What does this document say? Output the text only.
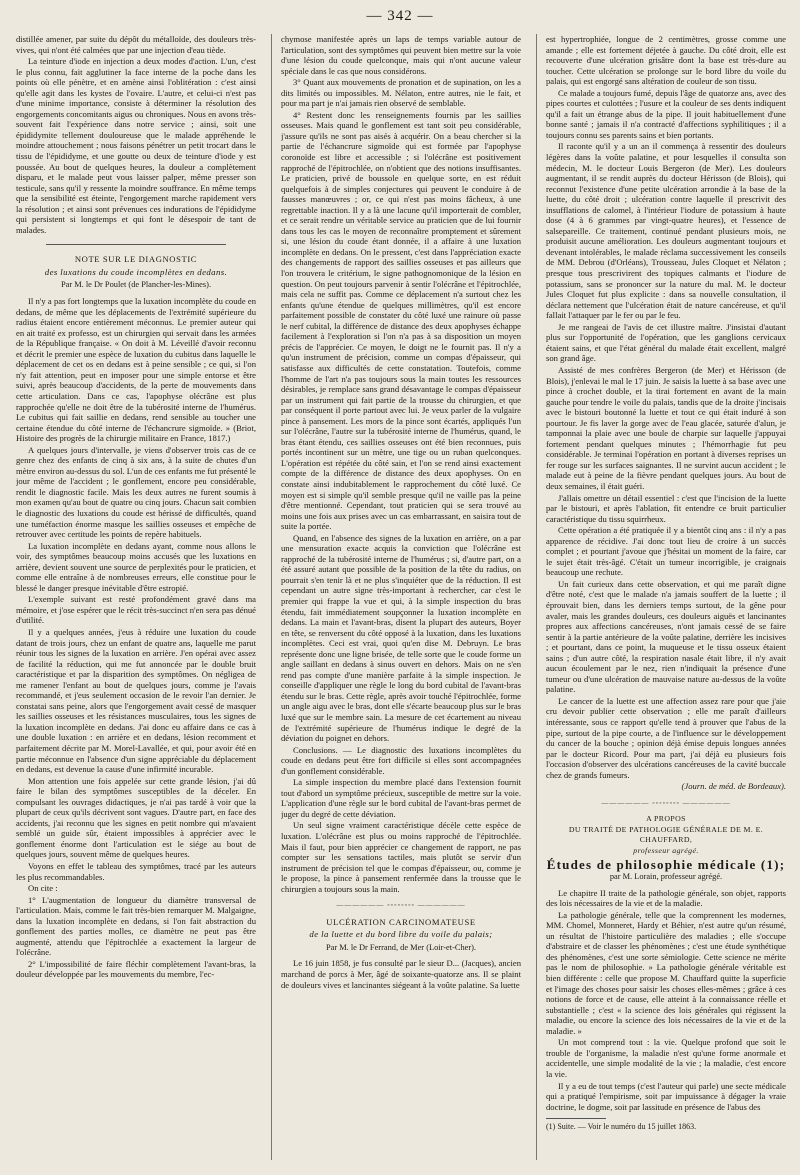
— 342 —

distillée amener, par suite du dépôt du métalloïde, des douleurs très-vives, qui n'ont été calmées que par une injection d'eau tiède.

La teinture d'iode en injection a deux modes d'action. L'un, c'est le plus connu, fait agglutiner la face interne de la poche dans les points où elle pénètre, et en amène ainsi l'oblitération : c'est ainsi qu'elle agit dans les kystes de l'ovaire. L'autre, et celui-ci n'est pas d'une minime importance, consiste à déterminer la résolution des engorgements concomitants aigus ou chroniques. Nous en avons très-souvent fait l'expérience dans notre service ; ainsi, soit une épididymite tellement douloureuse que le malade appréhende le moindre attouchement ; nous faisons pénétrer un petit trocart dans le tissu de l'épididyme, et une goutte ou deux de teinture d'iode y est poussée. Au bout de quelques heures, la douleur a complètement disparu, et le malade peut vous laisser palper, même presser son testicule, sans qu'il y ressente la moindre souffrance. En même temps que la sensibilité est éteinte, l'engorgement marche rapidement vers la résolution ; et ainsi sont prévenues ces indurations de l'épididyme qui persistent si longtemps et qui font le désespoir de tant de malades.

NOTE SUR LE DIAGNOSTIC
des luxations du coude incomplètes en dedans.
Par M. le Dr Poulet (de Plancher-les-Mines).

Il n'y a pas fort longtemps que la luxation incomplète du coude en dedans, de même que les déplacements de l'extrémité supérieure du radius étaient encore entièrement méconnus. Le premier auteur qui en ait traité ex professo, est un chirurgien qui servait dans les armées de la République française. « On doit à M. Léveillé d'avoir reconnu et décrit le premier une espèce de luxation du cubitus dans laquelle le déplacement de cet os en dedans est à peine sensible ; ce qui, si l'on n'y fait attention, peut en imposer pour une simple entorse et être suivi, après beaucoup d'accidents, de la perte de mouvements dans cette articulation. Dans ce cas, l'apophyse olécrâne est plus rapprochée qu'elle ne doit être de la tubérosité interne de l'humérus. Le cubitus qui fait saillie en dedans, rend sensible au toucher une certaine étendue du côté interne de l'échancrure sigmoïde. » (Briot, Histoire des progrès de la chirurgie militaire en France, 1817.)

A quelques jours d'intervalle, je viens d'observer trois cas de ce genre chez des enfants de cinq à six ans, à la suite de chutes d'un mètre environ au-dessus du sol. L'un de ces enfants me fut présenté le jour même de l'accident ; le gonflement, encore peu considérable, rendit le diagnostic facile. Mais les deux autres ne furent soumis à mon examen qu'au bout de quatre ou cinq jours. Chacun sait combien le diagnostic des luxations du coude est hérissé de difficultés, quand une tuméfaction énorme masque les saillies osseuses et empêche de retrouver avec certitude les points de repère habituels.

La luxation incomplète en dedans ayant, comme nous allons le voir, des symptômes beaucoup moins accusés que les luxations en arrière, devient souvent une source de perplexités pour le praticien, et comme elle entraîne à de nombreuses erreurs, elle constitue pour le blessé le danger presque inévitable d'être estropié.

L'exemple suivant est resté profondément gravé dans ma mémoire, et j'ose espérer que le récit très-succinct n'en sera pas dénué d'utilité.

Il y a quelques années, j'eus à réduire une luxation du coude datant de trois jours, chez un enfant de quatre ans, laquelle me parut réunir tous les signes de la luxation en arrière. J'en opérai avec assez de facilité la réduction, qui me fut annoncée par le double bruit caractéristique et par la disparition des symptômes. On négligea de me ramener l'enfant au bout de quelques jours, comme je l'avais recommandé, et j'eus seulement occasion de le revoir l'an dernier. Je constatai sans peine, alors que l'engorgement avait cessé de masquer les saillies osseuses et les résistances musculaires, tous les signes de la luxation incomplète en dedans. J'ai donc eu affaire dans ce cas à une double luxation : en arrière et en dedans, lésion recomment et parfaitement décrite par M. Morel-Lavallée, et qui, pour avoir été en partie méconnue en l'absence d'un signe appréciable du déplacement en dedans, est devenue la cause d'une infirmité incurable.

Mon attention une fois appelée sur cette grande lésion, j'ai dû faire le bilan des symptômes susceptibles de la déceler. En compulsant les ouvrages didactiques, je n'ai pas tardé à voir que la plupart de ceux qu'ils décrivent sont vagues. D'autre part, en face des accidents, j'ai reconnu que les signes en petit nombre qui m'avaient semblé un guide sûr, étaient impossibles à apprécier avec le gonflement énorme dont l'articulation est le siége au bout de quelques jours, souvent même de quelques heures.

Voyons en effet le tableau des symptômes, tracé par les auteurs les plus recommandables.

On cite :

1° L'augmentation de longueur du diamètre transversal de l'articulation. Mais, comme le fait très-bien remarquer M. Malgaigne, dans la luxation incomplète en dedans, si l'on fait abstraction du gonflement des parties molles, ce diamètre ne peut pas être augmenté, attendu que l'épitrochlée a exactement la largeur de l'olécrâne.

2° L'impossibilité de faire fléchir complètement l'avant-bras, la douleur développée par les mouvements du membre, l'ec-

chymose manifestée après un laps de temps variable autour de l'articulation, sont des symptômes qui peuvent bien mettre sur la voie d'une lésion du coude quelconque, mais qui n'ont aucune valeur spéciale dans le cas que nous considérons.

3° Quant aux mouvements de pronation et de supination, on les a dits limités ou impossibles. M. Nélaton, entre autres, nie le fait, et pour ma part je n'ai jamais rien observé de semblable.

4° Restent donc les renseignements fournis par les saillies osseuses. Mais quand le gonflement est tant soit peu considérable, j'assure qu'ils ne sont pas aisés à acquérir. On a beau chercher si la partie de l'échancrure sigmoïde qui est formée par l'apophyse coronoïde est libre et accessible ; si l'olécrâne est positivement rapproché de l'épitrochlée, on n'obtient que des notions insuffisantes. Le praticien, privé de boussole en quelque sorte, en est réduit quelquefois à de simples conjectures qui peuvent le conduire à de fausses manœuvres ; or, ce qui n'est pas moins fâcheux, à une regrettable inaction. Il y a là une lacune qu'il importerait de combler, et ce serait rendre un véritable service au praticien que de lui fournir dans tous les cas le moyen de reconnaître promptement et sûrement si, une lésion du coude étant donnée, il a affaire à une luxation incomplète en dedans. On le pressent, c'est dans l'appréciation exacte des changements de rapport des saillies osseuses et pas ailleurs que l'on trouvera le critérium, le signe pathognomonique de la lésion en question. On peut toujours parvenir à sentir l'olécrâne et l'épitrochlée, mais cela ne suffit pas. Comme ce déplacement n'a surtout chez les enfants qu'une étendue de quelques millimètres, qu'il est encore parfaitement possible de constater du côté luxé une rainure où passe le nerf cubital, la différence de distance des deux apophyses échappe facilement à l'exploration si l'on n'a pas à sa disposition un moyen précis de l'apprécier. Ce moyen, le doigt ne le fournit pas. Il n'y a qu'un instrument de précision, comme un compas d'épaisseur, qui satisfasse aux difficultés de cette constatation. Toutefois, comme l'homme de l'art n'a pas toujours sous la main toutes les ressources désirables, je remplace sans grand désavantage le compas d'épaisseur par un instrument qui fait partie de la trousse du chirurgien, et que par conséquent il porte partout avec lui. Je veux parler de la vulgaire pince à pansement. Les mors de la pince sont écartés, appliqués l'un sur l'olécrâne, l'autre sur la tubérosité interne de l'humérus, quand, le bras étant étendu, ces saillies osseuses ont été bien reconnues, puis portés incontinent sur un mètre, une tige ou un ruban quelconques. L'opération est répétée du côté sain, et l'on se rend ainsi exactement compte de la différence de distance des deux apophyses. On en constate ainsi indubitablement le rapprochement du côté luxé. Ce moyen est si simple qu'il semble presque qu'il ne vaille pas la peine d'être mentionné. Cependant, tout praticien qui se sera trouvé au moins une fois aux prises avec un cas embarrassant, en saisira tout de suite la portée.

Quand, en l'absence des signes de la luxation en arrière, on a par une mensuration exacte acquis la conviction que l'olécrâne est rapproché de la tubérosité interne de l'humérus ; si, d'autre part, on a été assuré autant que possible de la position de la tête du radius, on pourrait s'en tenir là et ne plus s'inquiéter que de la réduction. Il est cependant un autre signe très-important à rechercher, car c'est le premier qui frappe la vue et qui, à la simple inspection du bras étendu, fait immédiatement soupçonner la luxation incomplète en dedans. La main et l'avant-bras, disent la plupart des auteurs, Boyer en tête, se renversent du côté opposé à la luxation, dans les luxations incomplètes. Ceci est vrai, quoi qu'en dise M. Debruyn. Le bras représente donc une ligne brisée, de telle sorte que le coude forme un angle saillant en dedans à sinus ouvert en dehors. Mais on ne s'en rend pas compte d'une manière parfaite à la simple inspection. Je conseille d'appliquer une règle le long du bord cubital de l'avant-bras étendu sur le bras. Cette règle, après avoir touché l'épitrochlée, forme un angle aigu avec le bras, dont elle s'écarte beaucoup plus sur le bras luxé que sur le membre sain. La mesure de cet écartement au niveau de l'extrémité supérieure de l'humérus indique le degré de la déviation du poignet en dehors.

Conclusions. — Le diagnostic des luxations incomplètes du coude en dedans peut être fort difficile si elles sont accompagnées d'un gonflement considérable.

La simple inspection du membre placé dans l'extension fournit tout d'abord un symptôme précieux, susceptible de mettre sur la voie. L'application d'une règle sur le bord cubital de l'avant-bras permet de juger du degré de cette déviation.

Un seul signe vraiment caractéristique décèle cette espèce de luxation. L'olécrâne est plus ou moins rapproché de l'épitrochlée. Mais il faut, pour bien apprécier ce changement de rapport, ne pas compter sur les sensations tactiles, mais plutôt se servir d'un instrument de précision tel que le compas d'épaisseur, ou, comme je le propose, la pince à pansement renfermée dans la trousse que le chirurgien a toujours sous la main.

—————— ◦◦◦◦◦◦◦◦ ——————
ULCÉRATION CARCINOMATEUSE
de la luette et du bord libre du voile du palais;
Par M. le Dr Ferrand, de Mer (Loir-et-Cher).

Le 16 juin 1858, je fus consulté par le sieur D... (Jacques), ancien marchand de porcs à Mer, âgé de soixante-quatorze ans. Il se plaint de douleurs vives et lancinantes siégeant à la voûte palatine. Sa luette

est hypertrophiée, longue de 2 centimètres, grosse comme une amande ; elle est fortement déjetée à gauche. Du côté droit, elle est recouverte d'une ulcération grisâtre dont la base est très-dure au toucher. Cette ulcération se prolonge sur le bord libre du voile du palais, qui est engorgé sans altération de couleur de son tissu.

Ce malade a toujours fumé, depuis l'âge de quatorze ans, avec des pipes courtes et culottées ; l'usure et la couleur de ses dents indiquent qu'il a fait un étrange abus de la pipe. Il jouit habituellement d'une bonne santé ; jamais il n'a contracté d'affections syphilitiques ; il a toujours connu ses parents sains et bien portants.

Il raconte qu'il y a un an il commença à ressentir des douleurs légères dans la voûte palatine, et pour lesquelles il consulta son médecin, M. le docteur Louis Bergeron (de Mer). Les douleurs augmentant, il se rendit auprès du docteur Hérisson (de Blois), qui reconnut l'existence d'une petite ulcération arrondie à la base de la luette, du côté droit ; ulcération contre laquelle il prescrivit des insufflations de calomel, à l'intérieur l'iodure de potassium à haute dose (4 à 6 grammes par vingt-quatre heures), et l'essence de salsepareille. Ce traitement, continué pendant plusieurs mois, ne produisit aucune amélioration. Les douleurs augmentant toujours et devenant intolérables, le malade réclama successivement les conseils de MM. Debrou (d'Orléans), Trousseau, Jules Cloquet et Nélaton ; presque tous prescrivirent des topiques calmants et l'iodure de potassium, sans se prononcer sur la nature du mal. M. le docteur Jules Cloquet fut plus explicite : dans sa nouvelle consultation, il déclara nettement que l'ulcération était de nature cancéreuse, et qu'il fallait l'attaquer par le fer ou par le feu.

Je me rangeai de l'avis de cet illustre maître. J'insistai d'autant plus sur l'opportunité de l'opération, que les ganglions cervicaux étaient sains, et que l'état général du malade était excellent, malgré son grand âge.

Assisté de mes confrères Bergeron (de Mer) et Hérisson (de Blois), j'enlevai le mal le 17 juin. Je saisis la luette à sa base avec une pince à crochet double, et la tirai fortement en avant de la main gauche pour tendre le voile du palais, tandis que de la droite j'incisais avec le bistouri boutonné la luette et tout ce qui était induré à son pourtour. Je fis laver la gorge avec de l'eau glacée, saturée d'alun, je tamponnai la plaie avec une boule de charpie sur laquelle j'appuyai fortement pendant quelques minutes ; l'hémorrhagie fut peu considérable. Je terminai l'opération en portant à diverses reprises un fer rouge sur les surfaces saignantes. Il ne survint aucun accident ; le malade eut à peine de la fièvre pendant quelques jours. Au bout de deux semaines, il était guéri.

J'allais omettre un détail essentiel : c'est que l'incision de la luette par le bistouri, et après l'ablation, fit entendre ce bruit particulier caractéristique du tissu squirrheux.

Cette opération a été pratiquée il y a bientôt cinq ans : il n'y a pas apparence de récidive. J'ai donc tout lieu de croire à un succès complet ; et pourtant j'avoue que j'hésitai un moment de la faire, car le sujet était très-âgé. C'était un tumeur incorrigible, je craignais beaucoup une rechute.

Un fait curieux dans cette observation, et qui me paraît digne d'être noté, c'est que le malade n'a jamais souffert de la luette ; il éprouvait bien, dans les derniers temps surtout, de la gêne pour avaler, mais les grandes douleurs, ces douleurs aiguës et lancinantes propres aux affections cancéreuses, n'ont jamais cessé de se faire sentir à la partie antérieure de la voûte palatine, derrière les incisives ; et pourtant, dans ce point, la muqueuse et le tissu osseux étaient sains ; d'un autre côté, la respiration nasale était libre, il n'y avait aucun écoulement par le nez, rien n'indiquait la présence d'une tumeur ou d'une ulcération de mauvaise nature au-dessus de la voûte palatine.

Le cancer de la luette est une affection assez rare pour que j'aie cru devoir publier cette observation ; elle me paraît d'ailleurs intéressante, sous ce rapport qu'elle tend à prouver que l'abus de la pipe, surtout de la pipe courte, a de l'influence sur le développement du cancer de la bouche ; opinion déjà émise depuis longues années par le docteur Ricord. Pour ma part, j'ai déjà eu plusieurs fois l'occasion d'observer des ulcérations cancéreuses de la cavité buccale chez de grands fumeurs.

(Journ. de méd. de Bordeaux).
—————— ◦◦◦◦◦◦◦◦ ——————
A PROPOS
DU TRAITÉ DE PATHOLOGIE GÉNÉRALE DE M. E. CHAUFFARD,
professeur agrégé.
Études de philosophie médicale (1);
par M. Lorain, professeur agrégé.

Le chapitre II traite de la pathologie générale, son objet, rapports des lois nécessaires de la vie et de la maladie.

La pathologie générale, telle que la comprennent les modernes, MM. Chomel, Monneret, Hardy et Béhier, n'est autre qu'un résumé, un résultat de l'histoire particulière des maladies ; elle s'occupe d'abstraire et de classer les phénomènes ; c'est une étude synthétique des phénomènes, c'est une sorte sémiologie. Cette science ne mérite pas le nom de philosophie. » La pathologie générale véritable est bien différente : celle que propose M. Chauffard quitte la superficie et l'image des choses pour saisir les choses elles-mêmes ; grâce à ces notions de force et de cause, elle atteint à la connaissance réelle et substantielle ; c'est « la science des lois générales qui régissent la maladie, ou encore la science des lois nécessaires de la vie et de la maladie. »

Un mot comprend tout : la vie. Quelque profond que soit le trouble de l'organisme, la maladie n'est qu'une forme anormale et accidentelle, une simple modalité de la vie ; la maladie, c'est encore la vie.

Il y a eu de tout temps (c'est l'auteur qui parle) une secte médicale qui a pratiqué l'empirisme, soit par impuissance à dégager la vraie doctrine, le dogme, soit par lassitude en présence de l'abus des

(1) Suite. — Voir le numéro du 15 juillet 1863.
